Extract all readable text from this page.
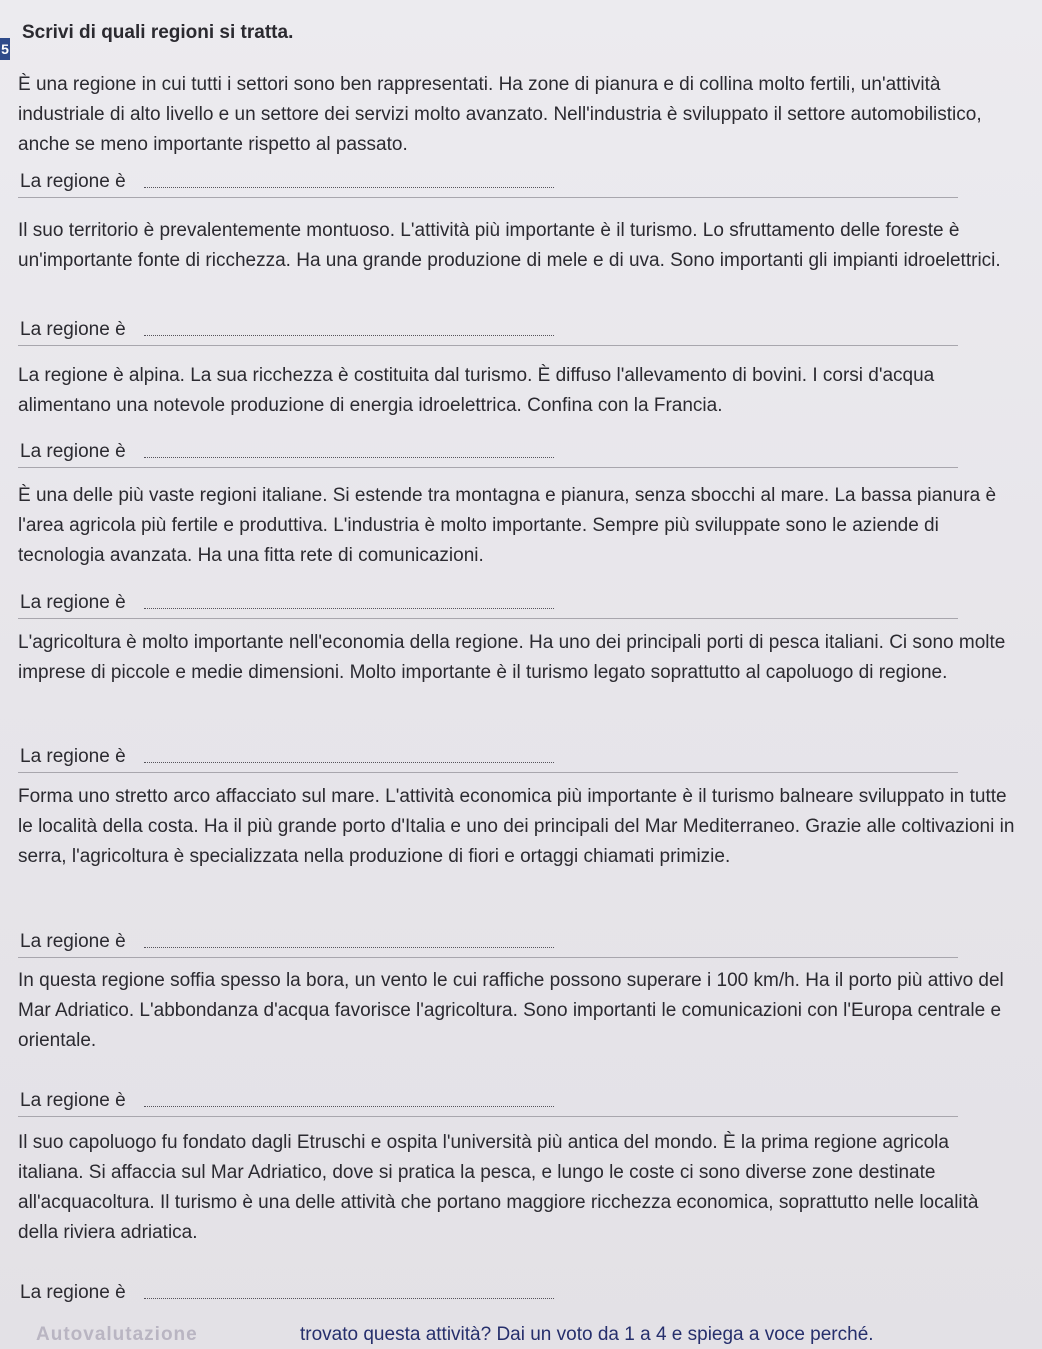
5
Scrivi di quali regioni si tratta.

È una regione in cui tutti i settori sono ben rappresentati. Ha zone di pianura e di collina molto fertili, un'attività industriale di alto livello e un settore dei servizi molto avanzato. Nell'industria è sviluppato il settore automobilistico, anche se meno importante rispetto al passato.

La regione è

Il suo territorio è prevalentemente montuoso. L'attività più importante è il turismo. Lo sfruttamento delle foreste è un'importante fonte di ricchezza. Ha una grande produzione di mele e di uva. Sono importanti gli impianti idroelettrici.

La regione è

La regione è alpina. La sua ricchezza è costituita dal turismo. È diffuso l'allevamento di bovini. I corsi d'acqua alimentano una notevole produzione di energia idroelettrica. Confina con la Francia.

La regione è

È una delle più vaste regioni italiane. Si estende tra montagna e pianura, senza sbocchi al mare. La bassa pianura è l'area agricola più fertile e produttiva. L'industria è molto importante. Sempre più sviluppate sono le aziende di tecnologia avanzata. Ha una fitta rete di comunicazioni.

La regione è

L'agricoltura è molto importante nell'economia della regione. Ha uno dei principali porti di pesca italiani. Ci sono molte imprese di piccole e medie dimensioni. Molto importante è il turismo legato soprattutto al capoluogo di regione.

La regione è

Forma uno stretto arco affacciato sul mare. L'attività economica più importante è il turismo balneare sviluppato in tutte le località della costa. Ha il più grande porto d'Italia e uno dei principali del Mar Mediterraneo. Grazie alle coltivazioni in serra, l'agricoltura è specializzata nella produzione di fiori e ortaggi chiamati primizie.

La regione è

In questa regione soffia spesso la bora, un vento le cui raffiche possono superare i 100 km/h. Ha il porto più attivo del Mar Adriatico. L'abbondanza d'acqua favorisce l'agricoltura. Sono importanti le comunicazioni con l'Europa centrale e orientale.

La regione è

Il suo capoluogo fu fondato dagli Etruschi e ospita l'università più antica del mondo. È la prima regione agricola italiana. Si affaccia sul Mar Adriatico, dove si pratica la pesca, e lungo le coste ci sono diverse zone destinate all'acquacoltura. Il turismo è una delle attività che portano maggiore ricchezza economica, soprattutto nelle località della riviera adriatica.

La regione è
Autovalutazione	trovato questa attività? Dai un voto da 1 a 4 e spiega a voce perché.
